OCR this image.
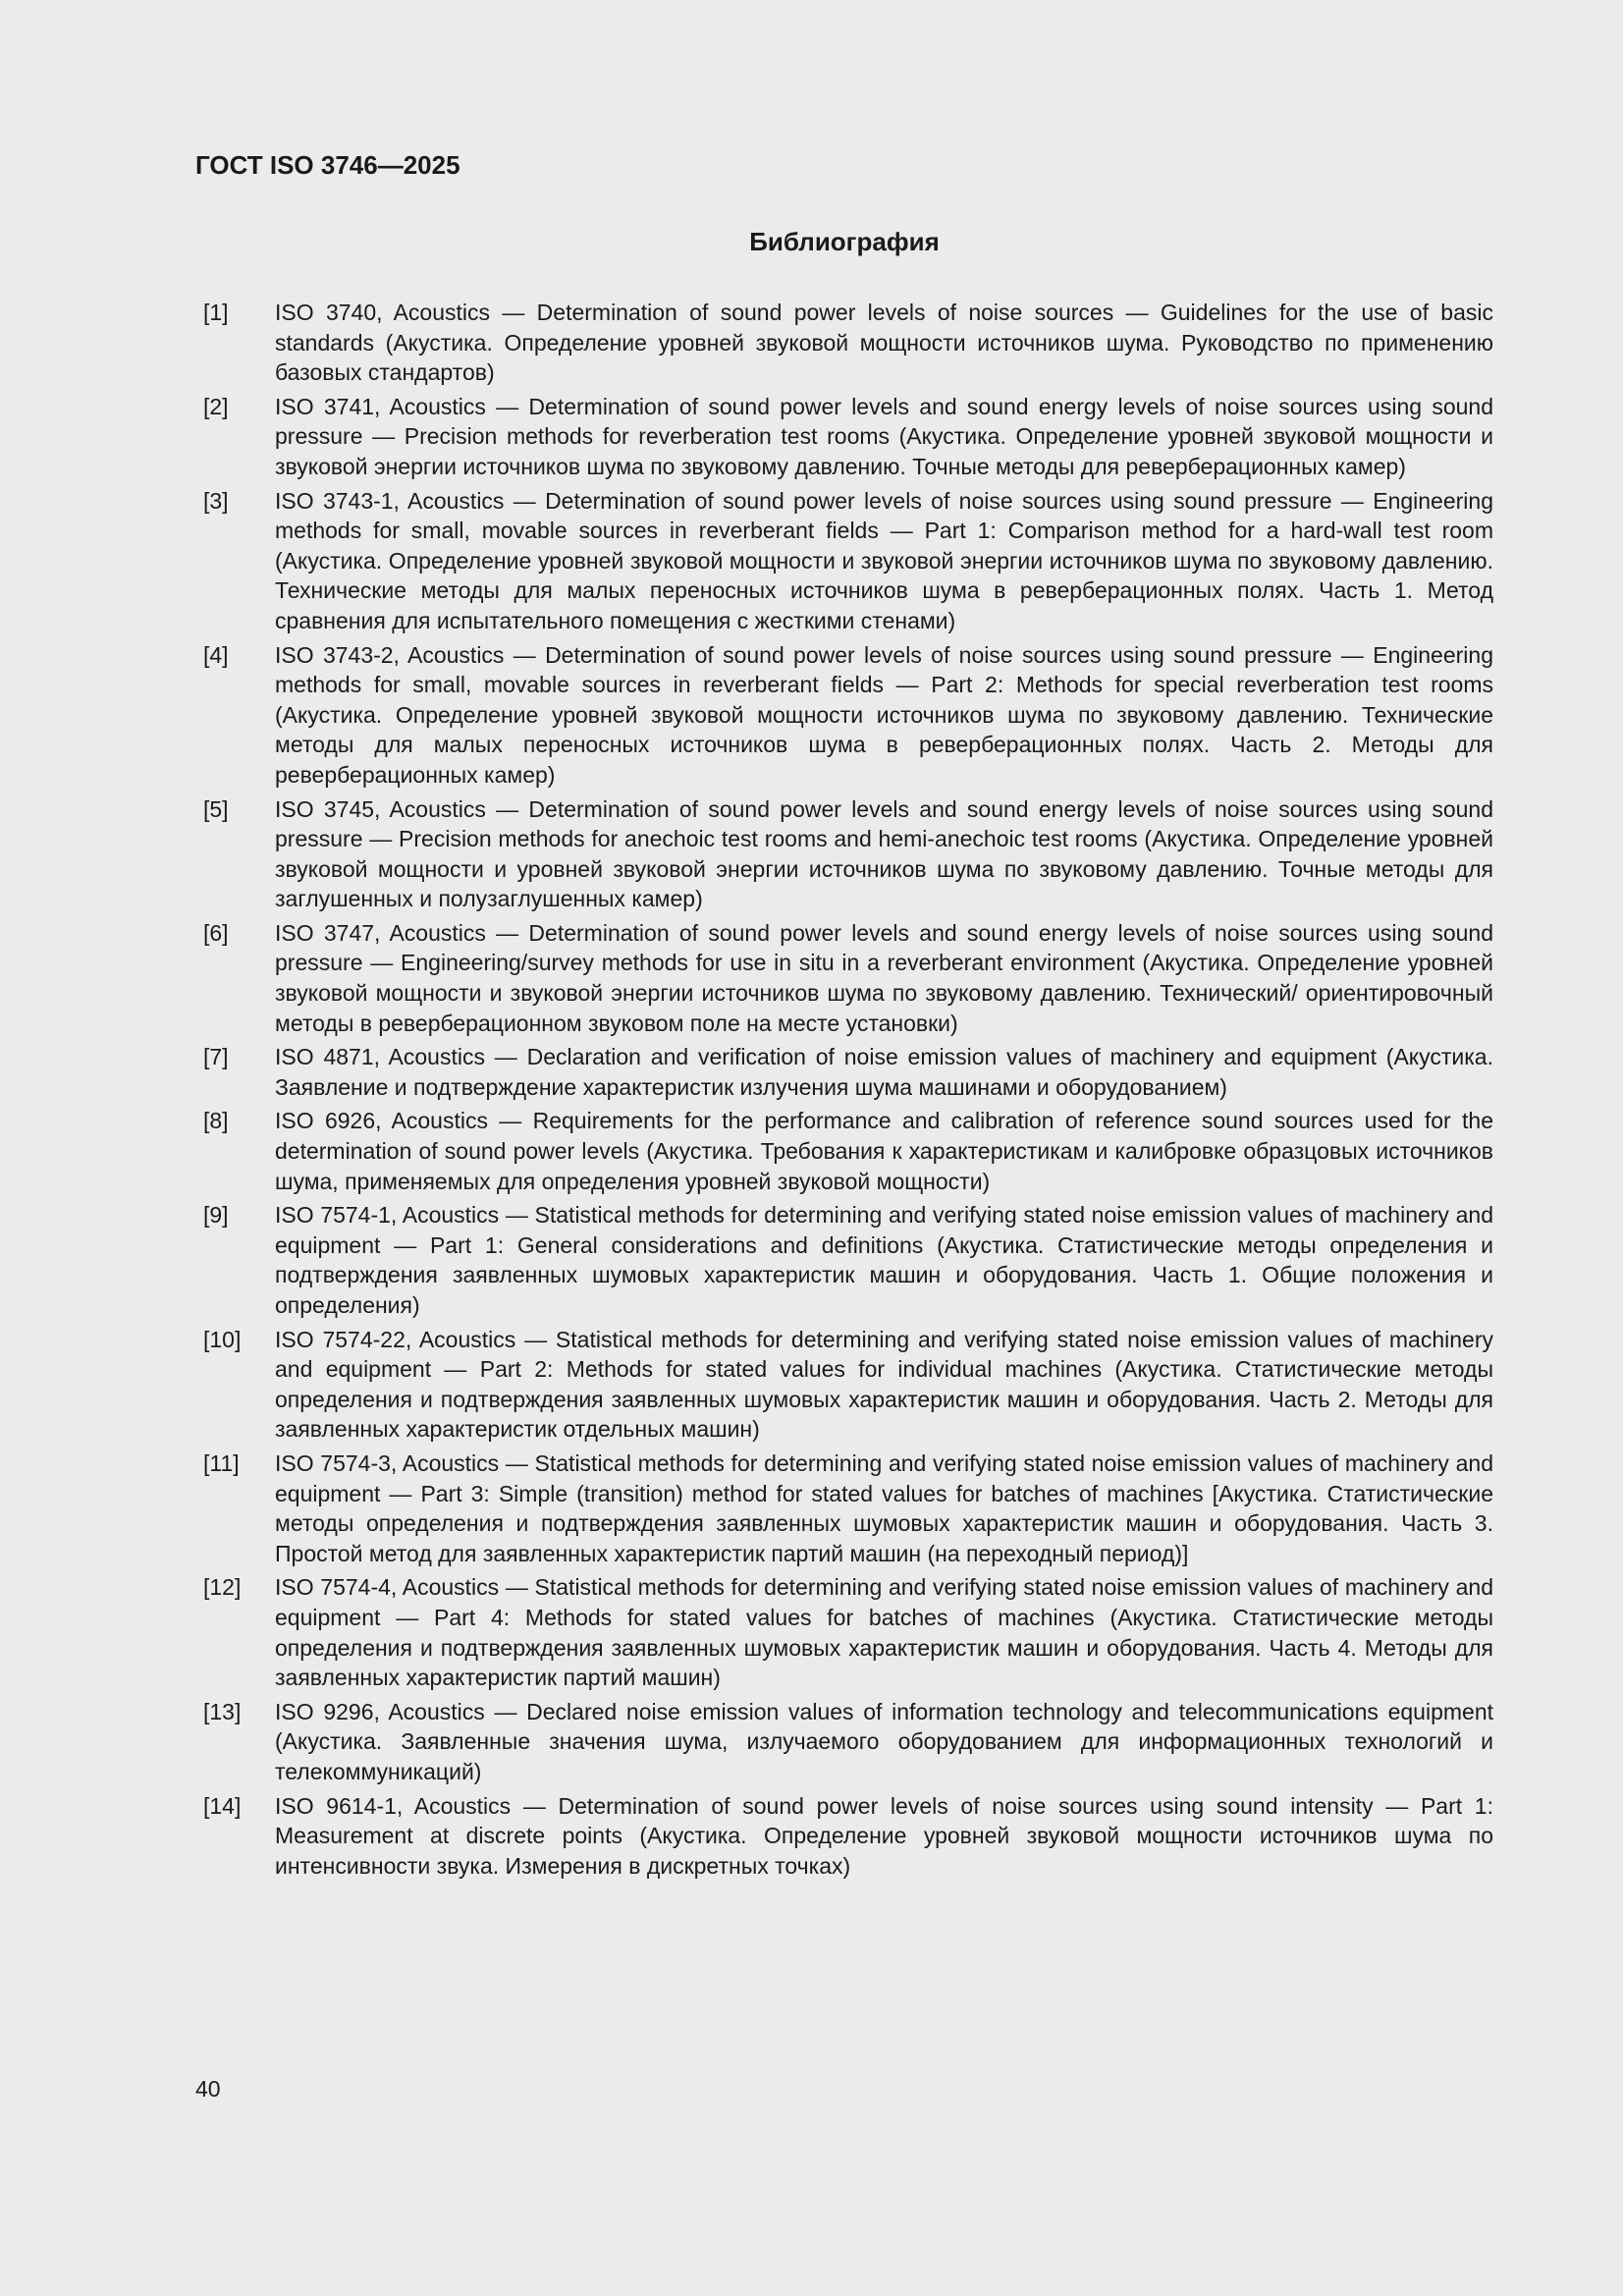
ГОСТ ISO 3746—2025

Библиография
[1]	ISO 3740, Acoustics — Determination of sound power levels of noise sources — Guidelines for the use of basic standards (Акустика. Определение уровней звуковой мощности источников шума. Руководство по применению базовых стандартов)
[2]	ISO 3741, Acoustics — Determination of sound power levels and sound energy levels of noise sources using sound pressure — Precision methods for reverberation test rooms (Акустика. Определение уровней звуковой мощности и звуковой энергии источников шума по звуковому давлению. Точные методы для реверберационных камер)
[3]	ISO 3743-1, Acoustics — Determination of sound power levels of noise sources using sound pressure — Engineering methods for small, movable sources in reverberant fields — Part 1: Comparison method for a hard-wall test room (Акустика. Определение уровней звуковой мощности и звуковой энергии источников шума по звуковому давлению. Технические методы для малых переносных источников шума в реверберационных полях. Часть 1. Метод сравнения для испытательного помещения с жесткими стенами)
[4]	ISO 3743-2, Acoustics — Determination of sound power levels of noise sources using sound pressure — Engineering methods for small, movable sources in reverberant fields — Part 2: Methods for special reverberation test rooms (Акустика. Определение уровней звуковой мощности источников шума по звуковому давлению. Технические методы для малых переносных источников шума в реверберационных полях. Часть 2. Методы для реверберационных камер)
[5]	ISO 3745, Acoustics — Determination of sound power levels and sound energy levels of noise sources using sound pressure — Precision methods for anechoic test rooms and hemi-anechoic test rooms (Акустика. Определение уровней звуковой мощности и уровней звуковой энергии источников шума по звуковому давлению. Точные методы для заглушенных и полузаглушенных камер)
[6]	ISO 3747, Acoustics — Determination of sound power levels and sound energy levels of noise sources using sound pressure — Engineering/survey methods for use in situ in a reverberant environment (Акустика. Определение уровней звуковой мощности и звуковой энергии источников шума по звуковому давлению. Технический/ ориентировочный методы в реверберационном звуковом поле на месте установки)
[7]	ISO 4871, Acoustics — Declaration and verification of noise emission values of machinery and equipment (Акустика. Заявление и подтверждение характеристик излучения шума машинами и оборудованием)
[8]	ISO 6926, Acoustics — Requirements for the performance and calibration of reference sound sources used for the determination of sound power levels (Акустика. Требования к характеристикам и калибровке образцовых источников шума, применяемых для определения уровней звуковой мощности)
[9]	ISO 7574-1, Acoustics — Statistical methods for determining and verifying stated noise emission values of machinery and equipment — Part 1: General considerations and definitions (Акустика. Статистические методы определения и подтверждения заявленных шумовых характеристик машин и оборудования. Часть 1. Общие положения и определения)
[10]	ISO 7574-22, Acoustics — Statistical methods for determining and verifying stated noise emission values of machinery and equipment — Part 2: Methods for stated values for individual machines (Акустика. Статистические методы определения и подтверждения заявленных шумовых характеристик машин и оборудования. Часть 2. Методы для заявленных характеристик отдельных машин)
[11]	ISO 7574-3, Acoustics — Statistical methods for determining and verifying stated noise emission values of machinery and equipment — Part 3: Simple (transition) method for stated values for batches of machines [Акустика. Статистические методы определения и подтверждения заявленных шумовых характеристик машин и оборудования. Часть 3. Простой метод для заявленных характеристик партий машин (на переходный период)]
[12]	ISO 7574-4, Acoustics — Statistical methods for determining and verifying stated noise emission values of machinery and equipment — Part 4: Methods for stated values for batches of machines (Акустика. Статистические методы определения и подтверждения заявленных шумовых характеристик машин и оборудования. Часть 4. Методы для заявленных характеристик партий машин)
[13]	ISO 9296, Acoustics — Declared noise emission values of information technology and telecommunications equipment (Акустика. Заявленные значения шума, излучаемого оборудованием для информационных технологий и телекоммуникаций)
[14]	ISO 9614-1, Acoustics — Determination of sound power levels of noise sources using sound intensity — Part 1: Measurement at discrete points (Акустика. Определение уровней звуковой мощности источников шума по интенсивности звука. Измерения в дискретных точках)

40
